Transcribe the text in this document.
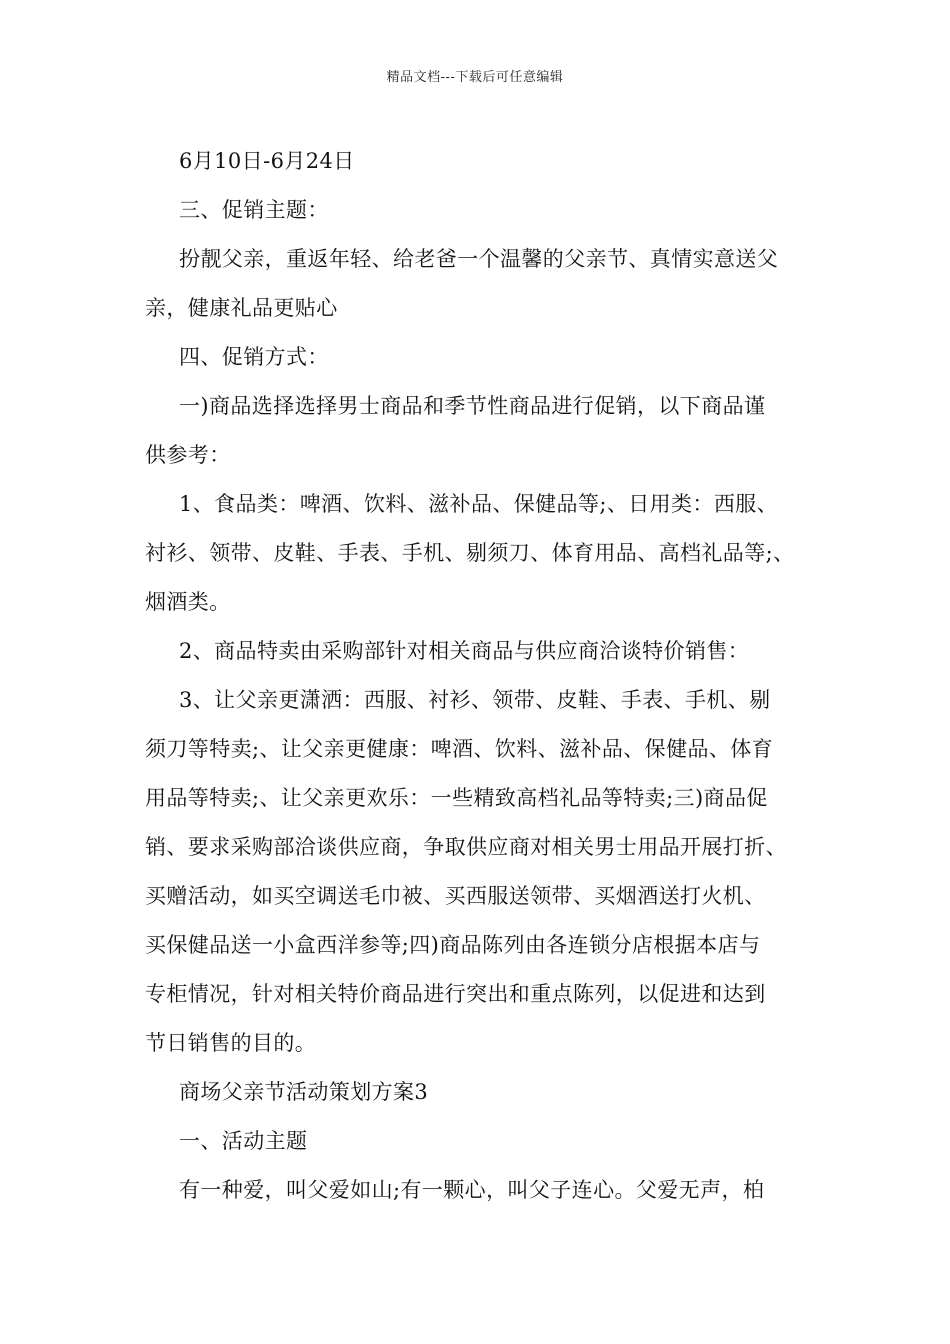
精品文档---下载后可任意编辑
6月10日-6月24日
三、促销主题：
扮靓父亲，重返年轻、给老爸一个温馨的父亲节、真情实意送父
亲，健康礼品更贴心
四、促销方式：
一)商品选择选择男士商品和季节性商品进行促销，以下商品谨
供参考：
1、食品类：啤酒、饮料、滋补品、保健品等;、日用类：西服、
衬衫、领带、皮鞋、手表、手机、剔须刀、体育用品、高档礼品等;、
烟酒类。
2、商品特卖由采购部针对相关商品与供应商洽谈特价销售：
3、让父亲更潇洒：西服、衬衫、领带、皮鞋、手表、手机、剔
须刀等特卖;、让父亲更健康：啤酒、饮料、滋补品、保健品、体育
用品等特卖;、让父亲更欢乐：一些精致高档礼品等特卖;三)商品促
销、要求采购部洽谈供应商，争取供应商对相关男士用品开展打折、
买赠活动，如买空调送毛巾被、买西服送领带、买烟酒送打火机、
买保健品送一小盒西洋参等;四)商品陈列由各连锁分店根据本店与
专柜情况，针对相关特价商品进行突出和重点陈列，以促进和达到
节日销售的目的。
商场父亲节活动策划方案3
一、活动主题
有一种爱，叫父爱如山;有一颗心，叫父子连心。父爱无声，柏
